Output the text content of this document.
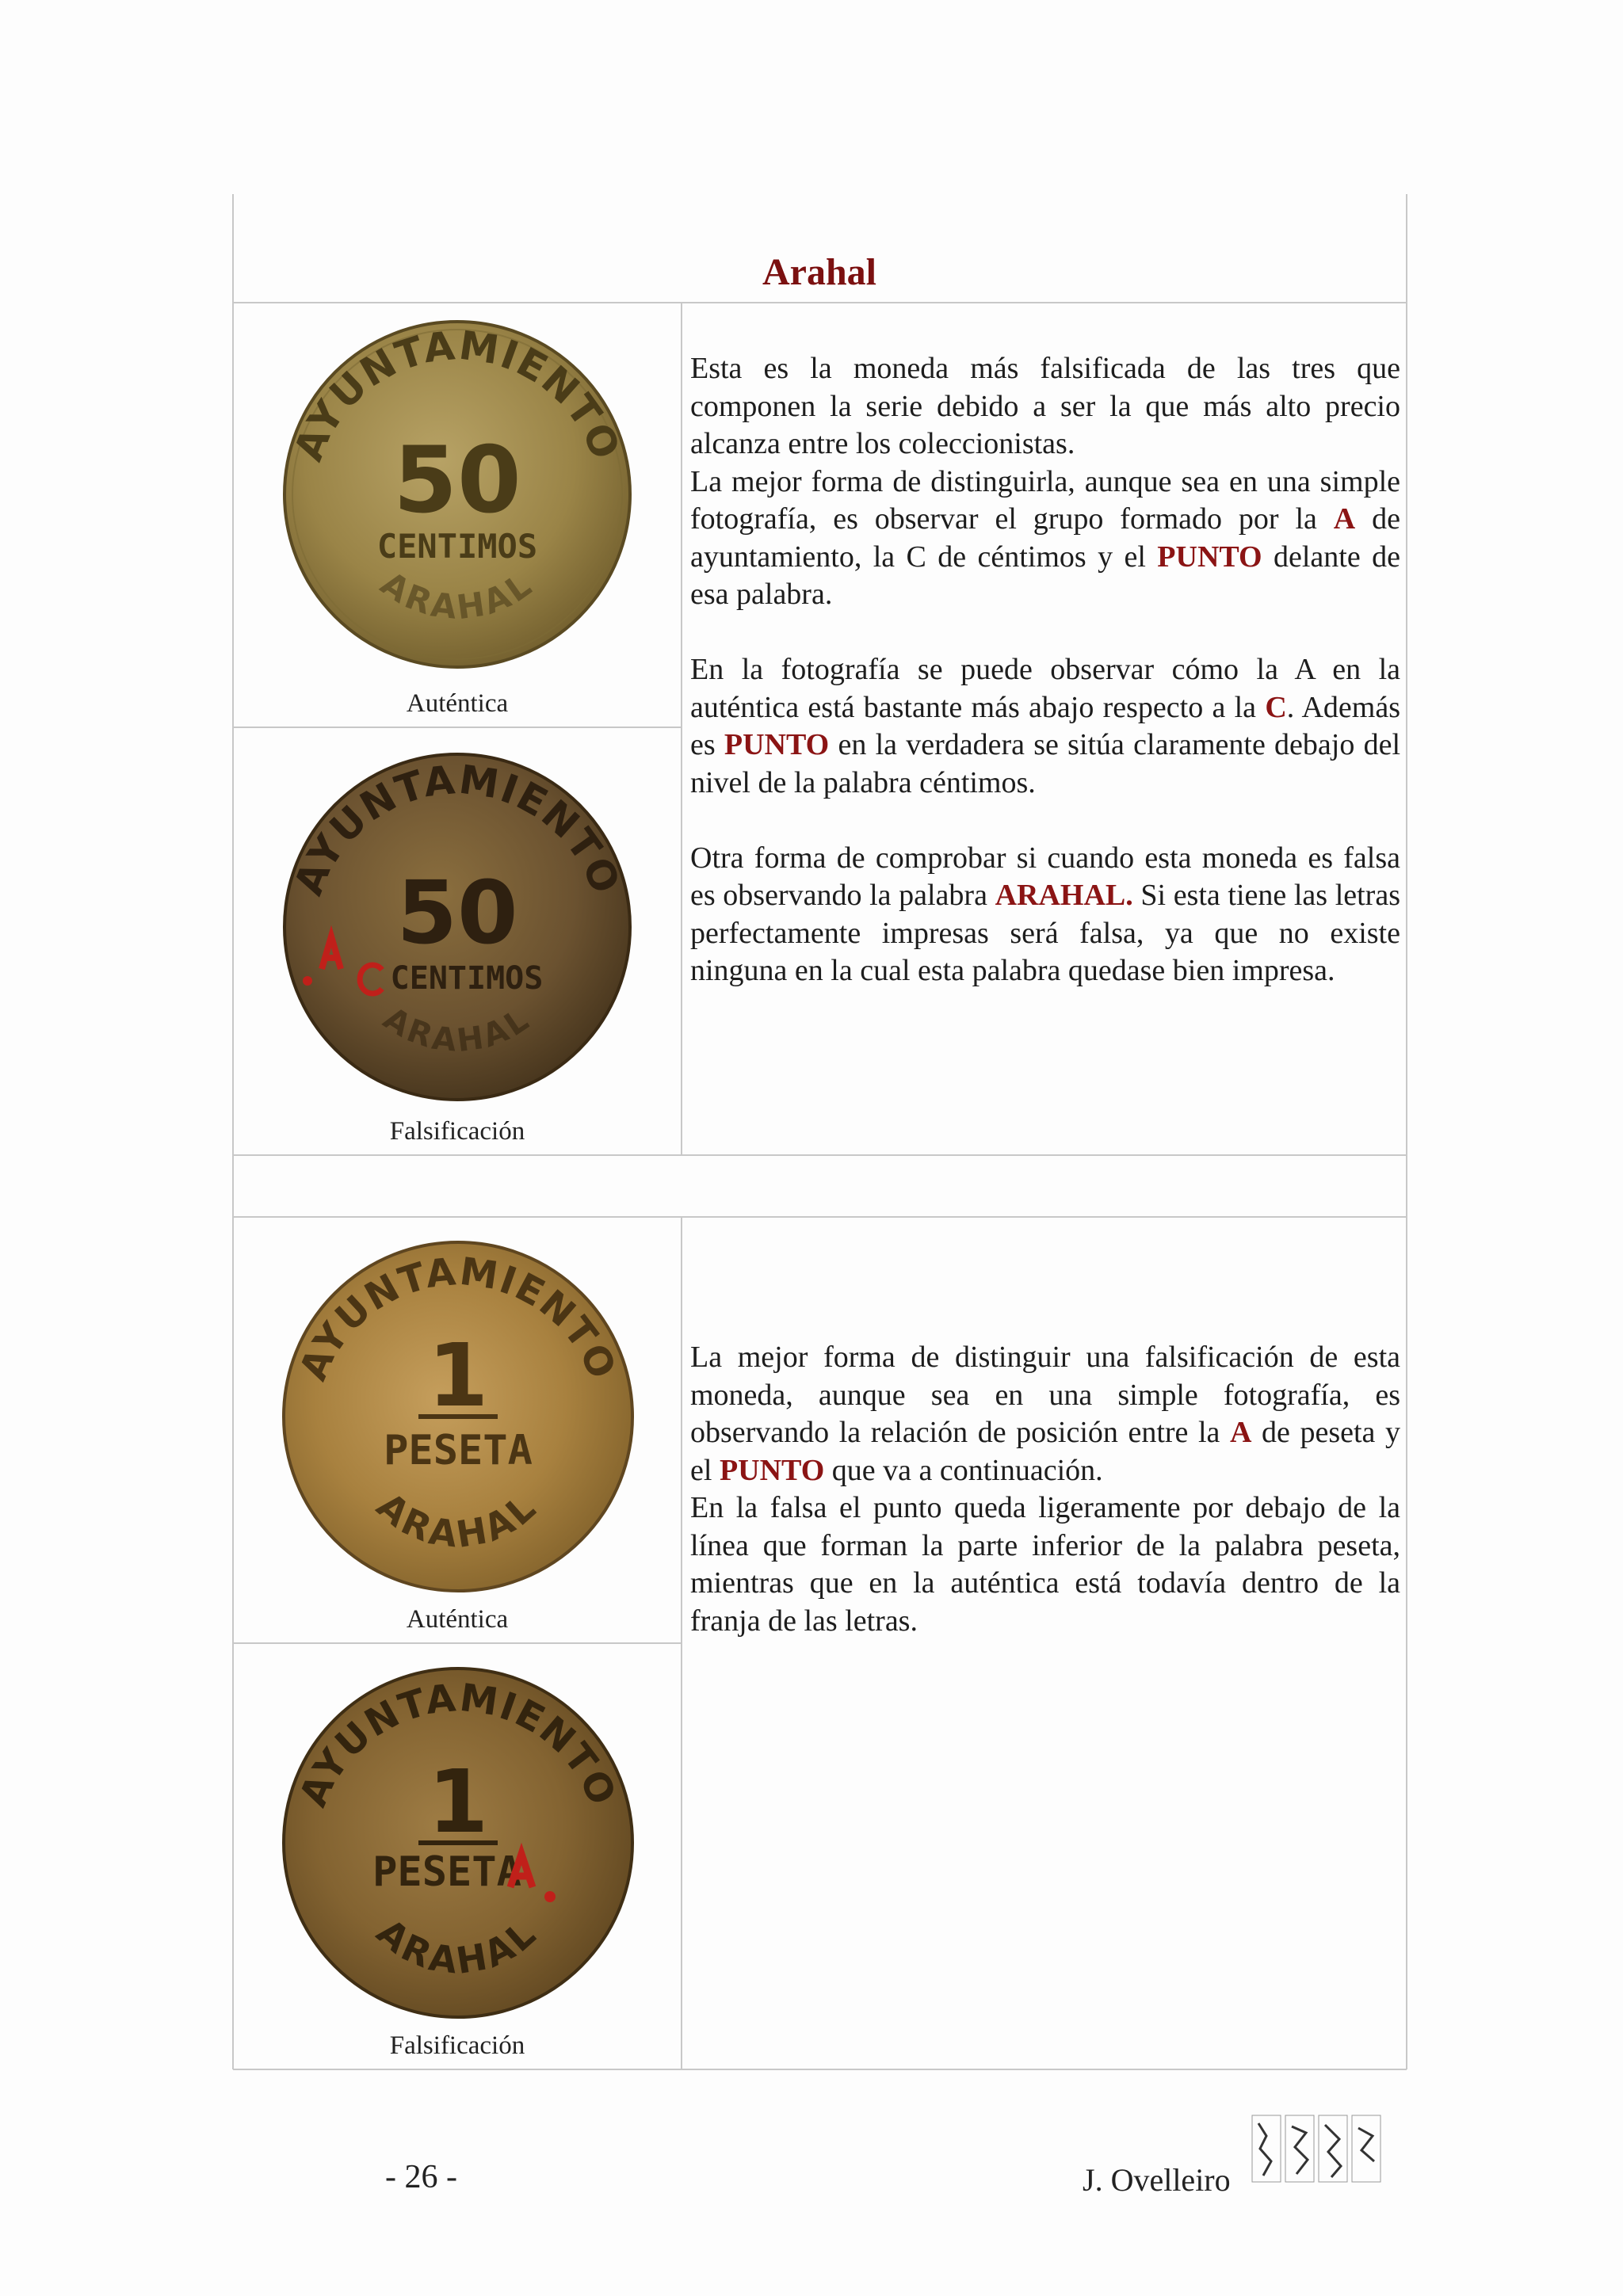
Arahal
AYUNTAMIENTO
50
CENTIMOS
ARAHAL
Auténtica
AYUNTAMIENTO
50
CENTIMOS
ARAHAL
Falsificación

Esta es la moneda más falsificada de las tres que componen la serie debido a ser la que más alto precio alcanza entre los coleccionistas.

La mejor forma de distinguirla, aunque sea en una simple fotografía, es observar el grupo formado por la A de ayuntamiento, la C de céntimos y el PUNTO delante de esa palabra.

En la fotografía se puede observar cómo la A en la auténtica está bastante más abajo respecto a la C. Además es PUNTO en la verdadera se sitúa claramente debajo del nivel de la palabra céntimos.

Otra forma de comprobar si cuando esta moneda es falsa es observando la palabra ARAHAL. Si esta tiene las letras perfectamente impresas será falsa, ya que no existe ninguna en la cual esta palabra quedase bien impresa.

AYUNTAMIENTO
1
PESETA
ARAHAL
Auténtica
AYUNTAMIENTO
1
PESETA
ARAHAL
Falsificación

La mejor forma de distinguir una falsificación de esta moneda, aunque sea en una simple fotografía, es observando la relación de posición entre la A de peseta y el PUNTO que va a continuación.

En la falsa el punto queda ligeramente por debajo de la línea que forman la parte inferior de la palabra peseta, mientras que en la auténtica está todavía dentro de la franja de las letras.

- 26 -	J. Ovelleiro
